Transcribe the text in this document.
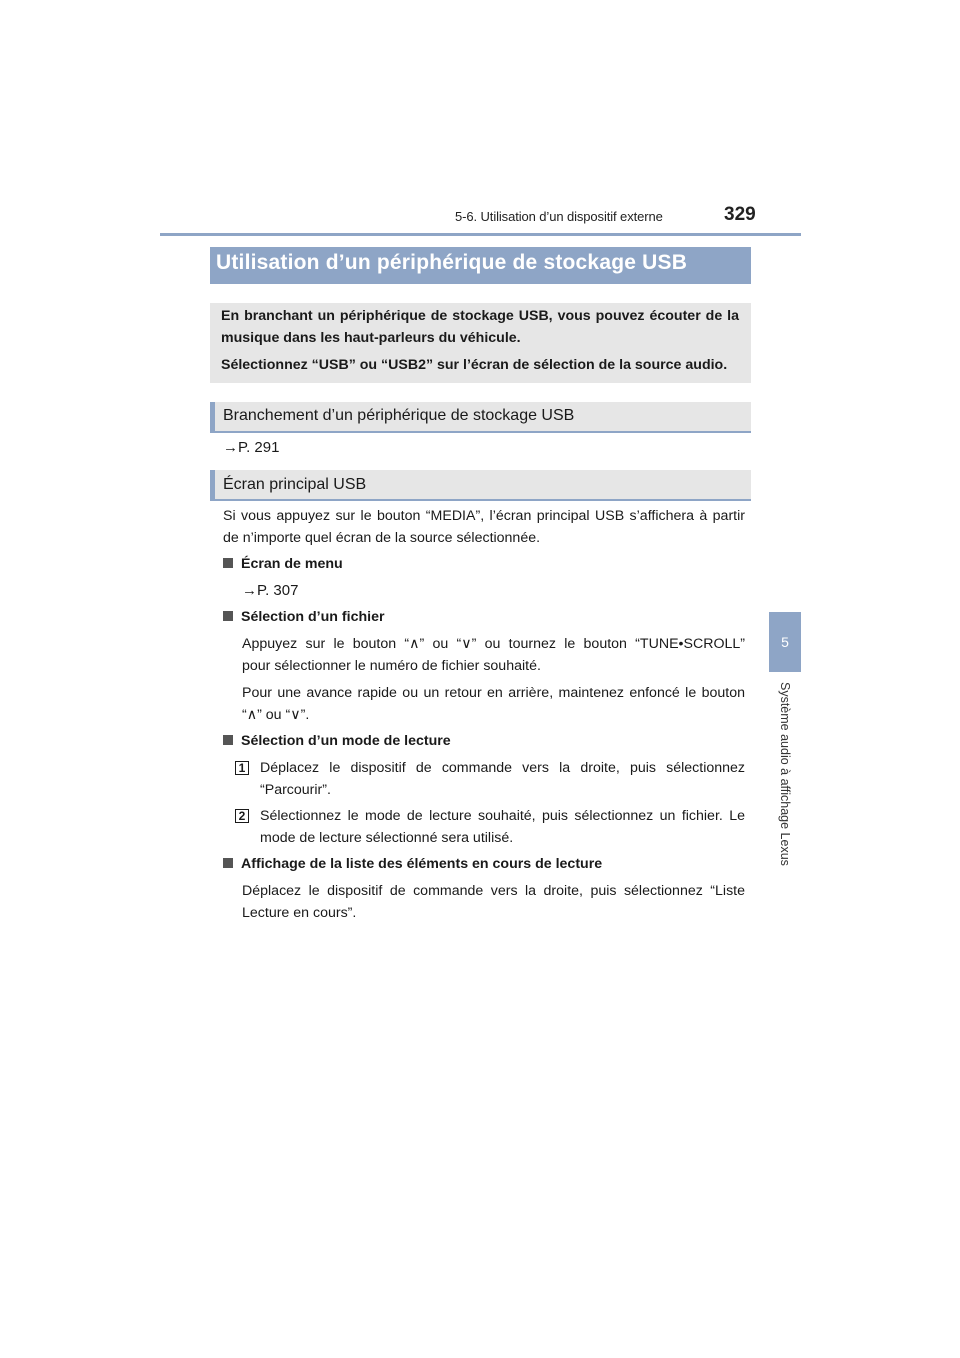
5-6. Utilisation d’un dispositif externe	329
5
Système audio à affichage Lexus
Utilisation d’un périphérique de stockage USB
En branchant un périphérique de stockage USB, vous pouvez écouter de la
musique dans les haut-parleurs du véhicule.
Sélectionnez “USB” ou “USB2” sur l’écran de sélection de la source audio.
Branchement d’un périphérique de stockage USB
→P. 291
Écran principal USB
Si vous appuyez sur le bouton “MEDIA”, l’écran principal USB s’affichera à partir
de n’importe quel écran de la source sélectionnée.
Écran de menu
→P. 307
Sélection d’un fichier
Appuyez sur le bouton “∧” ou “∨” ou tournez le bouton “TUNE•SCROLL”
pour sélectionner le numéro de fichier souhaité.
Pour une avance rapide ou un retour en arrière, maintenez enfoncé le bouton
“∧” ou “∨”.
Sélection d’un mode de lecture
1 Déplacez le dispositif de commande vers la droite, puis sélectionnez
“Parcourir”.
2 Sélectionnez le mode de lecture souhaité, puis sélectionnez un fichier. Le
mode de lecture sélectionné sera utilisé.
Affichage de la liste des éléments en cours de lecture
Déplacez le dispositif de commande vers la droite, puis sélectionnez “Liste
Lecture en cours”.
